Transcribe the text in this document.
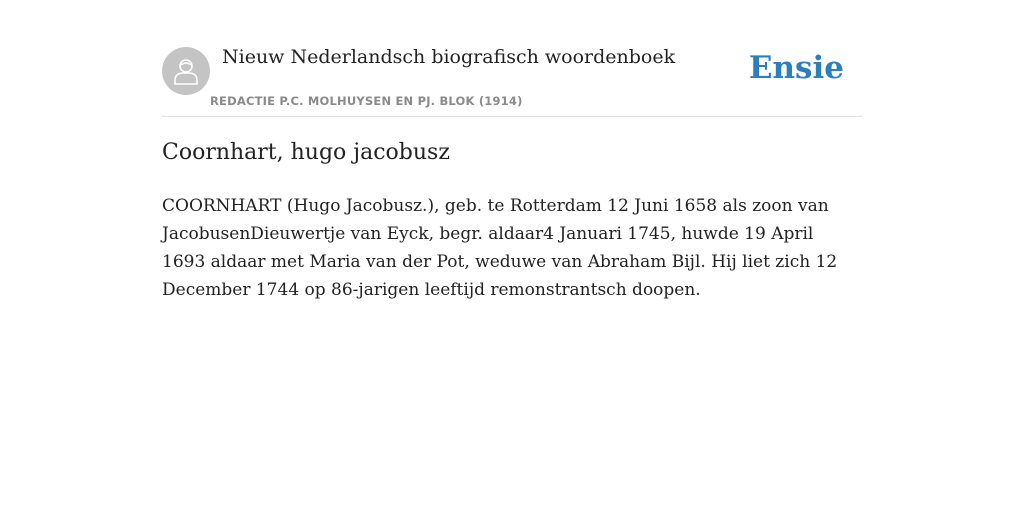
Nieuw Nederlandsch biografisch woordenboek
REDACTIE P.C. MOLHUYSEN EN PJ. BLOK (1914)
Ensie
Coornhart, hugo jacobusz

COORNHART (Hugo Jacobusz.), geb. te Rotterdam 12 Juni 1658 als zoon van JacobusenDieuwertje van Eyck, begr. aldaar4 Januari 1745, huwde 19 April 1693 aldaar met Maria van der Pot, weduwe van Abraham Bijl. Hij liet zich 12 December 1744 op 86-jarigen leeftijd remonstrantsch doopen.
